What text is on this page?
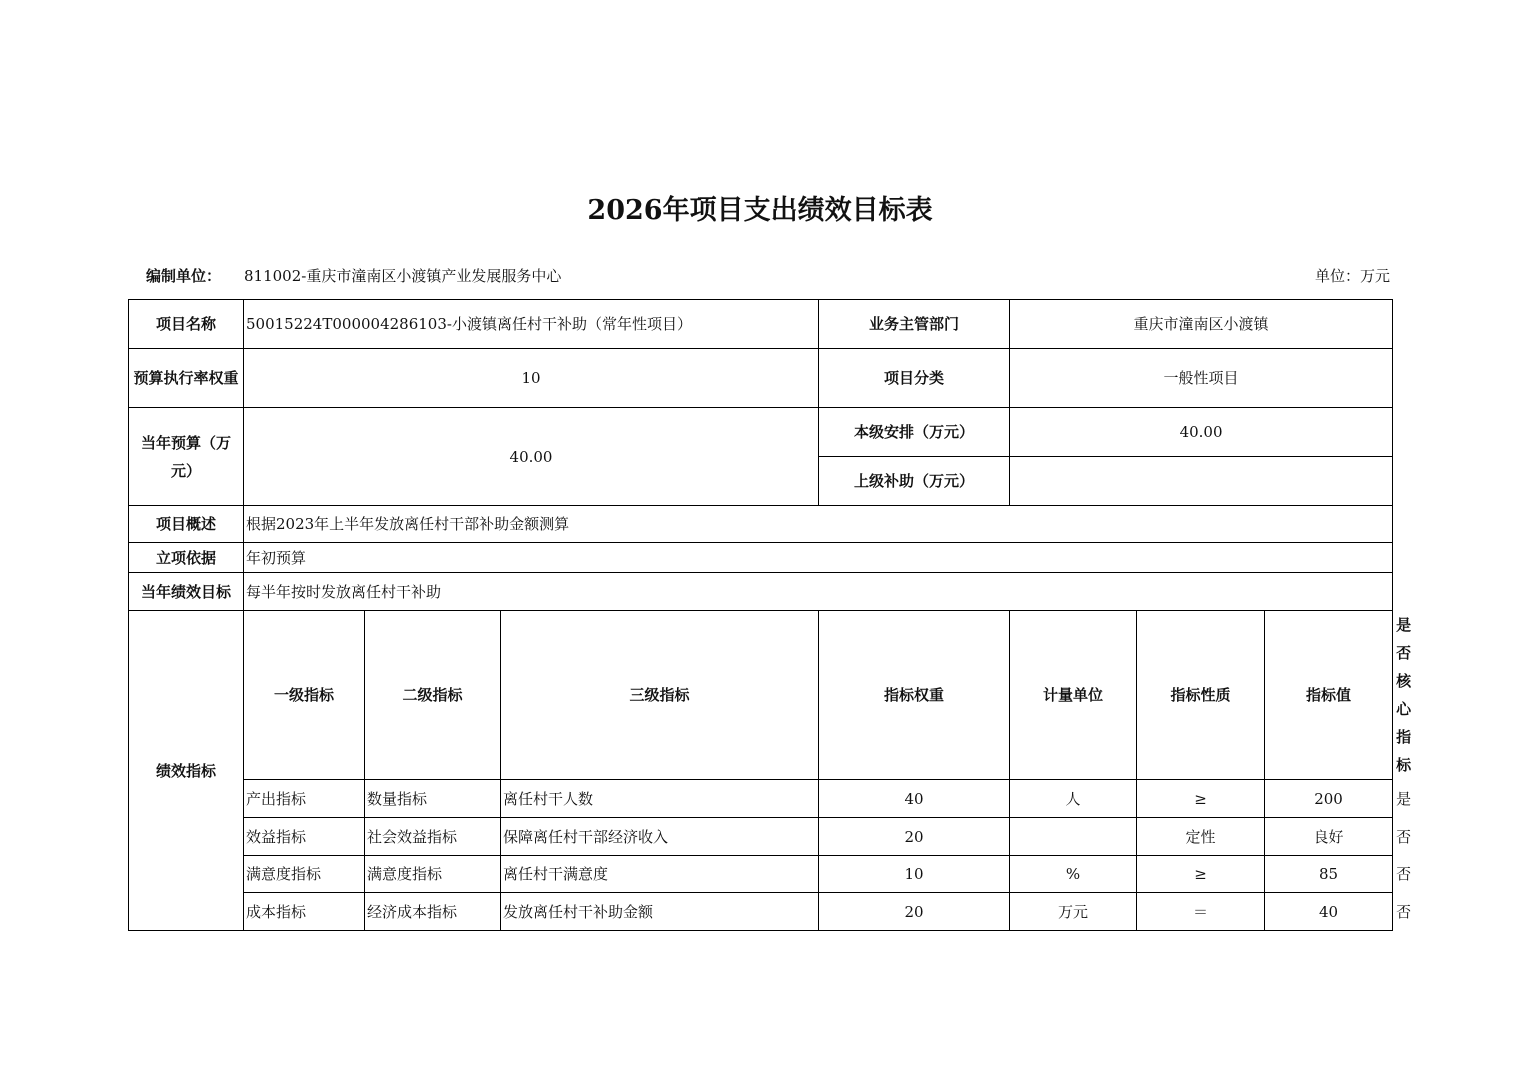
2026年项目支出绩效目标表
编制单位： 811002-重庆市潼南区小渡镇产业发展服务中心	单位：万元
项目名称	50015224T000004286103-小渡镇离任村干补助（常年性项目）			业务主管部门	重庆市潼南区小渡镇			
预算执行率权重	10			项目分类	一般性项目			
当年预算（万元）	40.00			本级安排（万元）	40.00			
				上级补助（万元）				
项目概述	根据2023年上半年发放离任村干部补助金额测算							
立项依据	年初预算							
当年绩效目标	每半年按时发放离任村干补助							
绩效指标	一级指标	二级指标	三级指标	指标权重	计量单位	指标性质	指标值	是否核心指标
	产出指标	数量指标	离任村干人数	40	人	≥	200	是
	效益指标	社会效益指标	保障离任村干部经济收入	20		定性	良好	否
	满意度指标	满意度指标	离任村干满意度	10	%	≥	85	否
	成本指标	经济成本指标	发放离任村干补助金额	20	万元	＝	40	否
